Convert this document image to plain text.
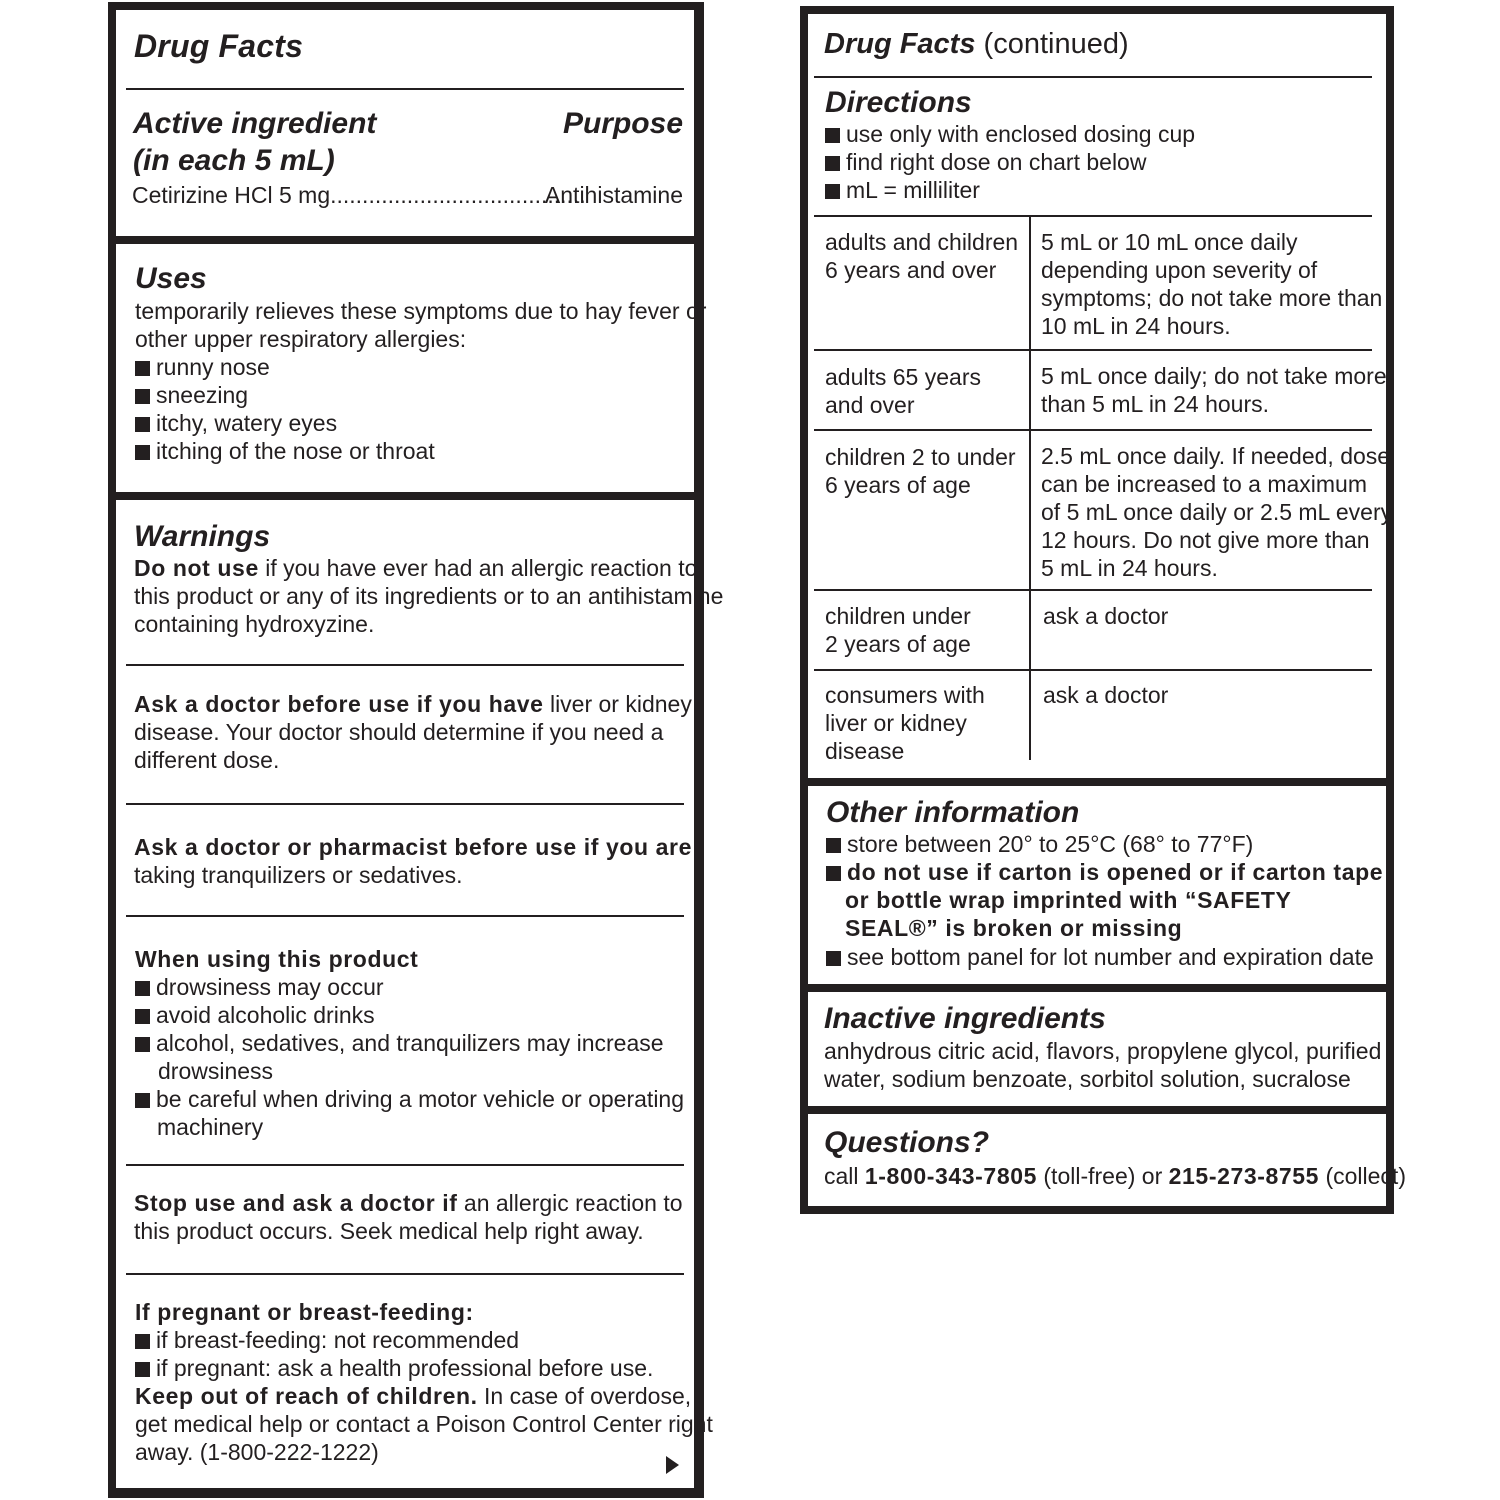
Drug Facts
Active ingredient
(in each 5 mL)
Purpose
Cetirizine HCl 5 mg........................................
Antihistamine
Uses
temporarily relieves these symptoms due to hay fever or
other upper respiratory allergies:
runny nose
sneezing
itchy, watery eyes
itching of the nose or throat
Warnings
Do not use if you have ever had an allergic reaction to
this product or any of its ingredients or to an antihistamine
containing hydroxyzine.
Ask a doctor before use if you have liver or kidney
disease. Your doctor should determine if you need a
different dose.
Ask a doctor or pharmacist before use if you are
taking tranquilizers or sedatives.
When using this product
drowsiness may occur
avoid alcoholic drinks
alcohol, sedatives, and tranquilizers may increase
drowsiness
be careful when driving a motor vehicle or operating
machinery
Stop use and ask a doctor if an allergic reaction to
this product occurs. Seek medical help right away.
If pregnant or breast-feeding:
if breast-feeding: not recommended
if pregnant: ask a health professional before use.
Keep out of reach of children. In case of overdose,
get medical help or contact a Poison Control Center right
away. (1-800-222-1222)
Drug Facts (continued)
Directions
use only with enclosed dosing cup
find right dose on chart below
mL = milliliter
adults and children
6 years and over
5 mL or 10 mL once daily
depending upon severity of
symptoms; do not take more than
10 mL in 24 hours.
adults 65 years
and over
5 mL once daily; do not take more
than 5 mL in 24 hours.
children 2 to under
6 years of age
2.5 mL once daily. If needed, dose
can be increased to a maximum
of 5 mL once daily or 2.5 mL every
12 hours. Do not give more than
5 mL in 24 hours.
children under
2 years of age
ask a doctor
consumers with
liver or kidney
disease
ask a doctor
Other information
store between 20° to 25°C (68° to 77°F)
do not use if carton is opened or if carton tape
or bottle wrap imprinted with “SAFETY
SEAL®” is broken or missing
see bottom panel for lot number and expiration date
Inactive ingredients
anhydrous citric acid, flavors, propylene glycol, purified
water, sodium benzoate, sorbitol solution, sucralose
Questions?
call 1-800-343-7805 (toll-free) or 215-273-8755 (collect)
